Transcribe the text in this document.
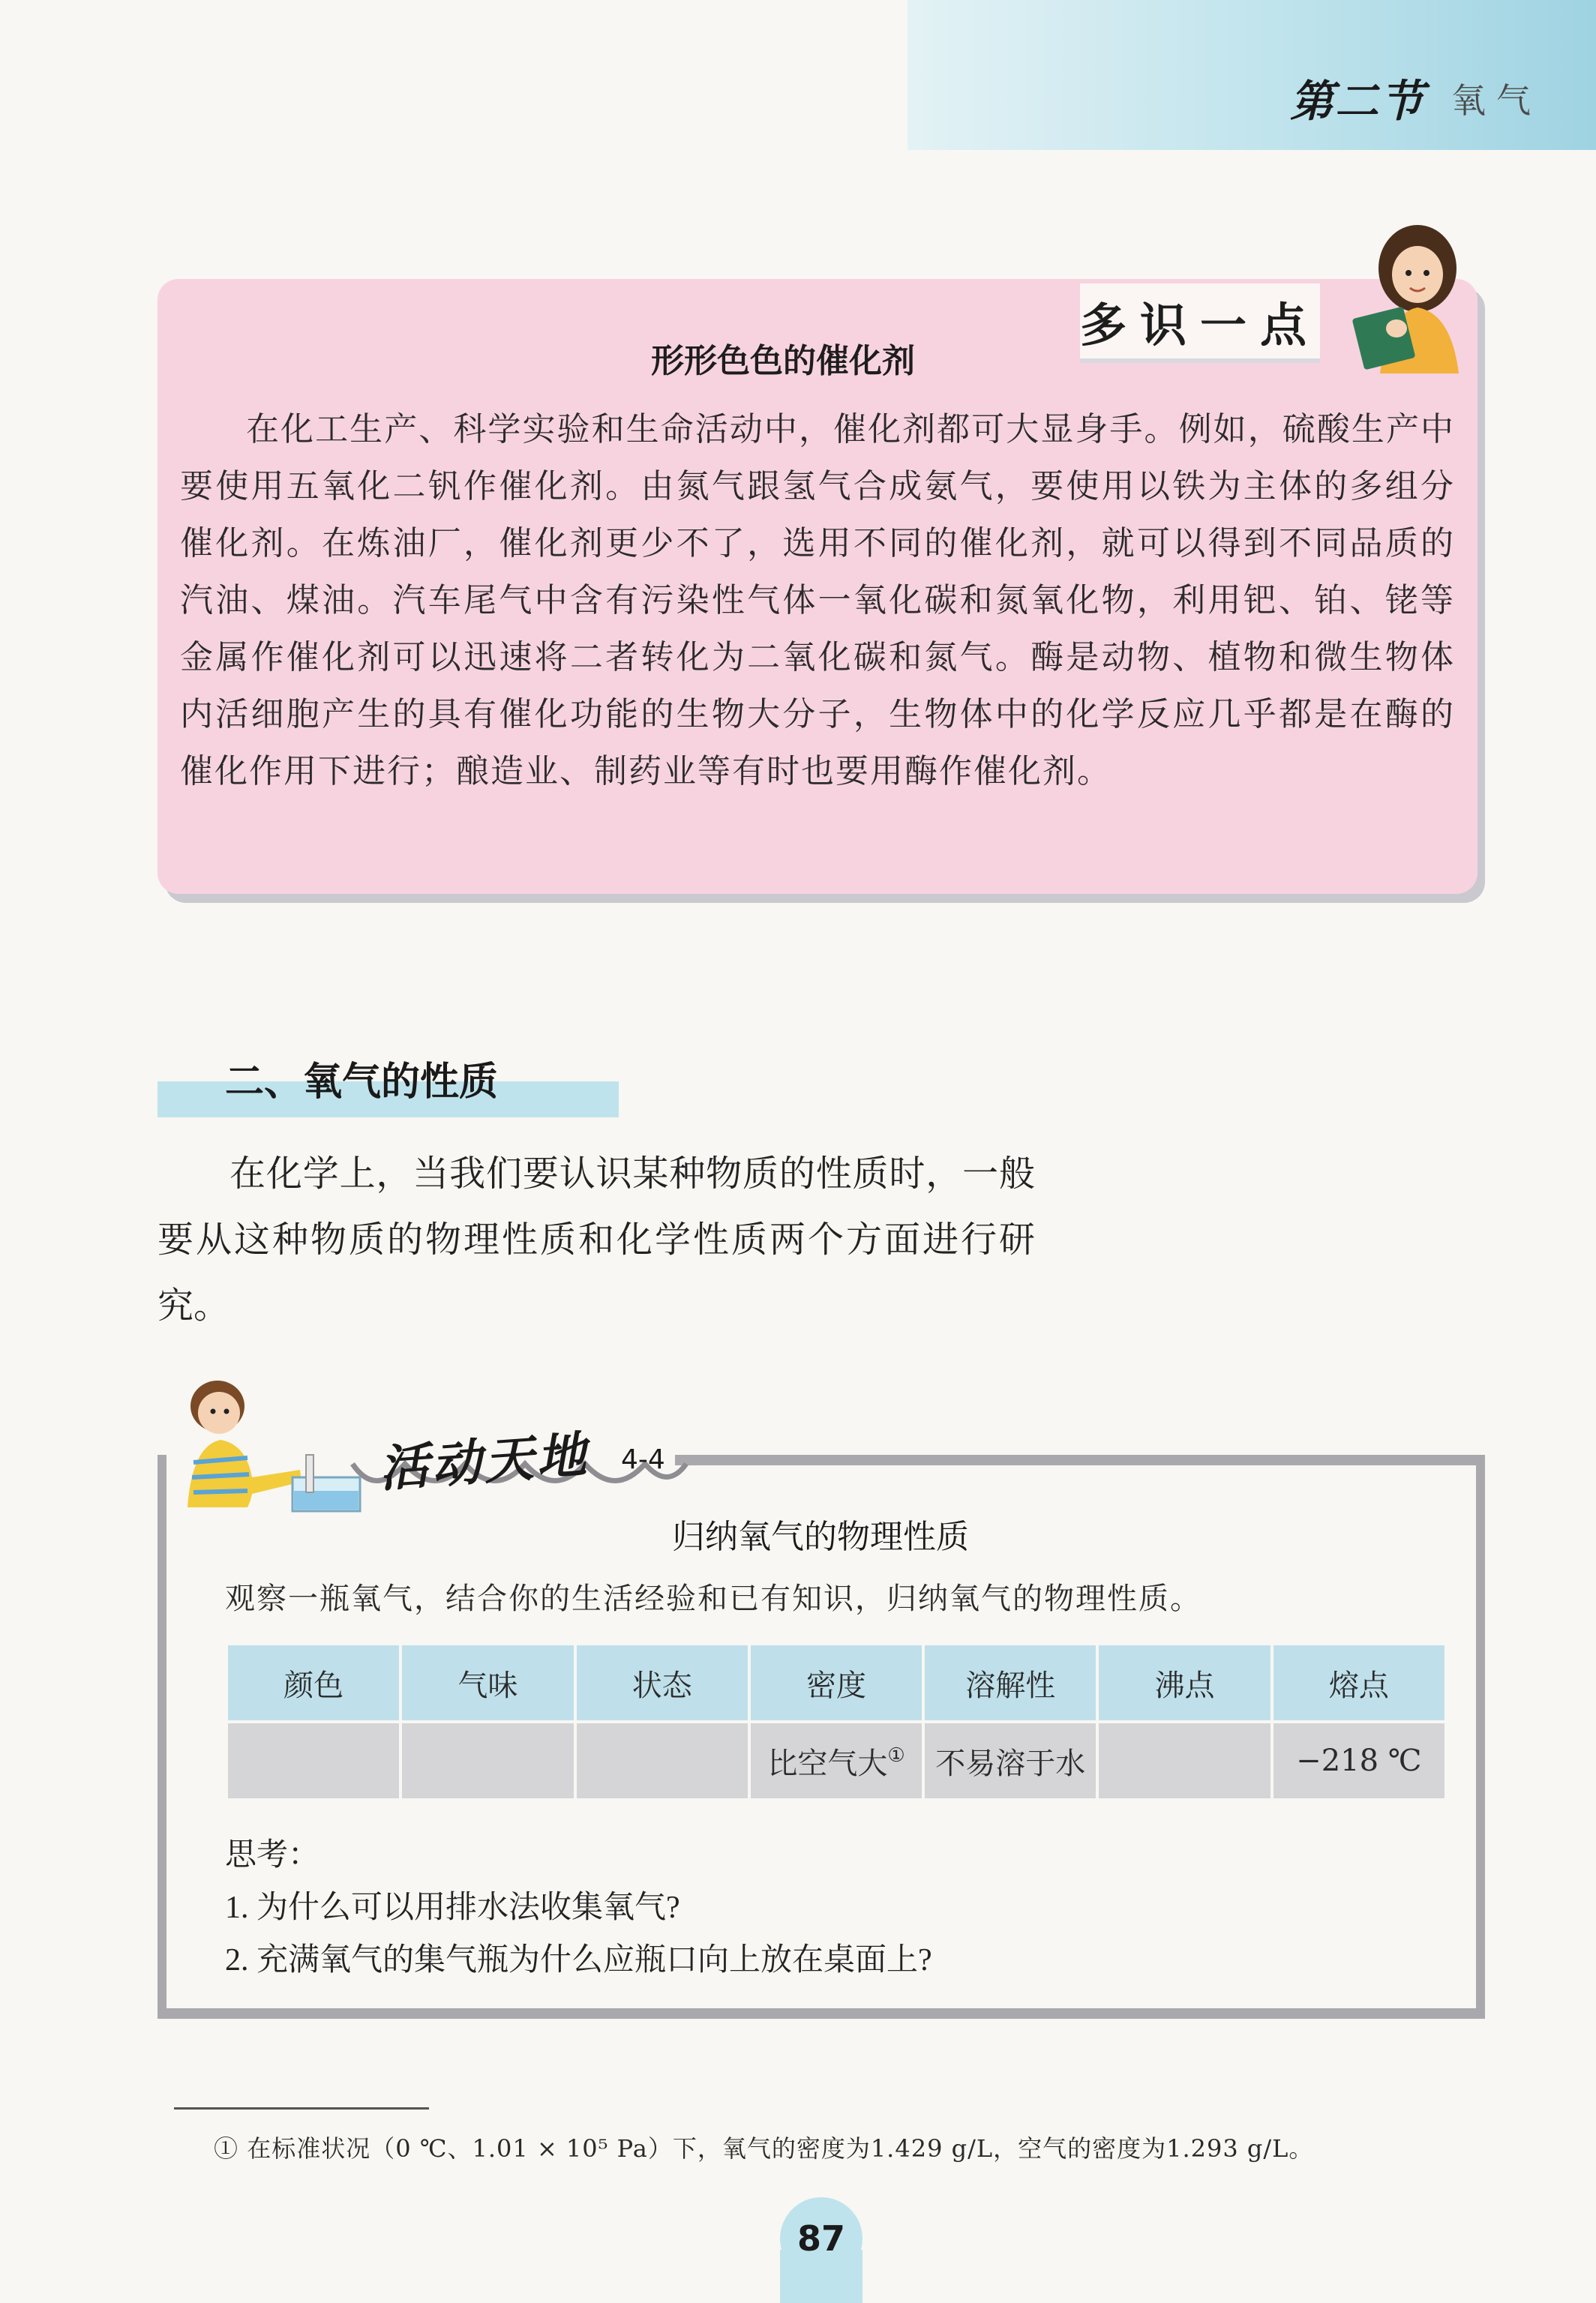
第二节 氧气
多识一点
形形色色的催化剂
在化工生产、科学实验和生命活动中，催化剂都可大显身手。例如，硫酸生产中要使用五氧化二钒作催化剂。由氮气跟氢气合成氨气，要使用以铁为主体的多组分催化剂。在炼油厂，催化剂更少不了，选用不同的催化剂，就可以得到不同品质的汽油、煤油。汽车尾气中含有污染性气体一氧化碳和氮氧化物，利用钯、铂、铑等金属作催化剂可以迅速将二者转化为二氧化碳和氮气。酶是动物、植物和微生物体内活细胞产生的具有催化功能的生物大分子，生物体中的化学反应几乎都是在酶的催化作用下进行；酿造业、制药业等有时也要用酶作催化剂。
二、氧气的性质
在化学上，当我们要认识某种物质的性质时，一般要从这种物质的物理性质和化学性质两个方面进行研究。
活动天地 4-4
归纳氧气的物理性质
观察一瓶氧气，结合你的生活经验和已有知识，归纳氧气的物理性质。
颜色	气味	状态	密度	溶解性	沸点	熔点
			比空气大①	不易溶于水		−218 ℃
思考：
1. 为什么可以用排水法收集氧气?
2. 充满氧气的集气瓶为什么应瓶口向上放在桌面上?
① 在标准状况（0 ℃、1.01 × 10⁵ Pa）下，氧气的密度为1.429 g/L，空气的密度为1.293 g/L。
87
